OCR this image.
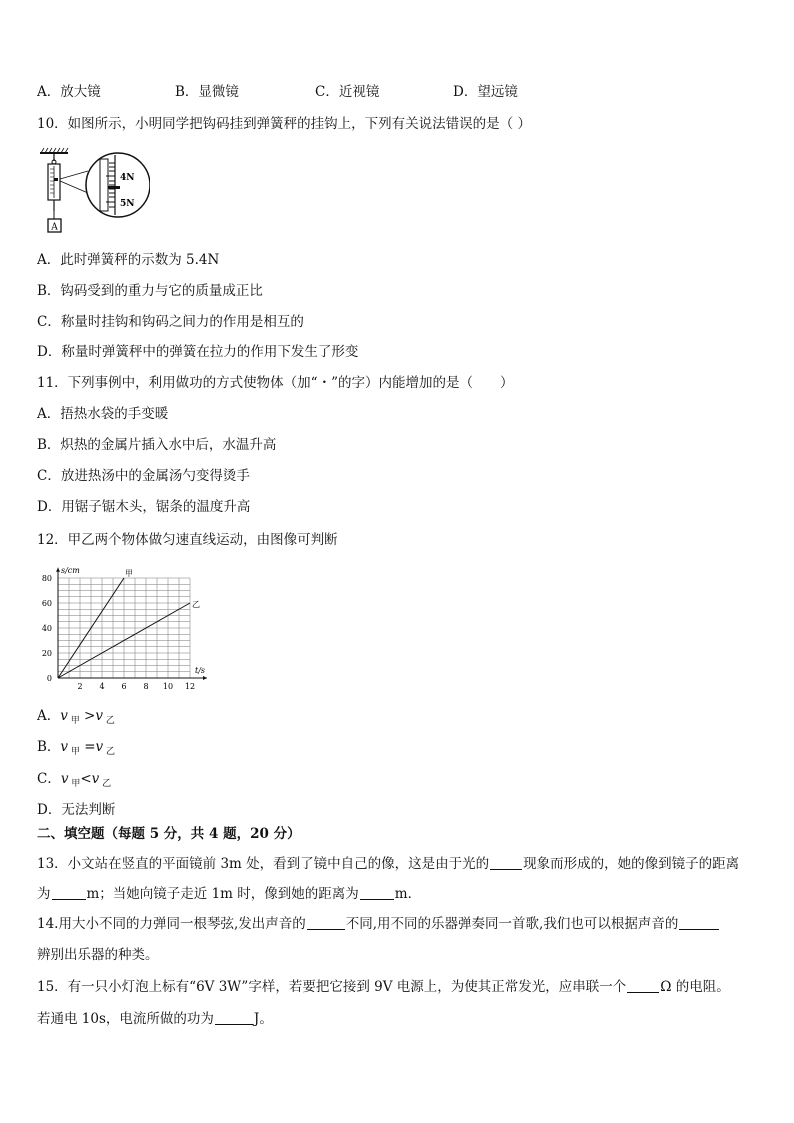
A．放大镜	B．显微镜	C．近视镜	D．望远镜
10．如图所示，小明同学把钩码挂到弹簧秤的挂钩上，下列有关说法错误的是（ ）
A
4N
5N
A．此时弹簧秤的示数为 5.4N
B．钩码受到的重力与它的质量成正比
C．称量时挂钩和钩码之间力的作用是相互的
D．称量时弹簧秤中的弹簧在拉力的作用下发生了形变
11．下列事例中，利用做功的方式使物体（加“・”的字）内能增加的是（　　）
A．捂热水袋的手变暖
B．炽热的金属片插入水中后，水温升高
C．放进热汤中的金属汤勺变得烫手
D．用锯子锯木头，锯条的温度升高
12．甲乙两个物体做匀速直线运动，由图像可判断
0
20
40
60
80
2 4 6 8 10 12
s/cm
t/s
甲
乙
A．v $_甲$ >v $_乙$
B．v $_甲$ =v $_乙$
C．v $_甲$<v $_乙$
D．无法判断
二、填空题（每题 5 分，共 4 题，20 分）
13．小文站在竖直的平面镜前 3m 处，看到了镜中自己的像，这是由于光的	现象而形成的，她的像到镜子的距离
为	m；当她向镜子走近 1m 时，像到她的距离为	m．
14.用大小不同的力弹同一根琴弦,发出声音的	不同,用不同的乐器弹奏同一首歌,我们也可以根据声音的
辨别出乐器的种类。
15．有一只小灯泡上标有“6V 3W”字样，若要把它接到 9V 电源上，为使其正常发光，应串联一个	Ω 的电阻。
若通电 10s，电流所做的功为	J。
